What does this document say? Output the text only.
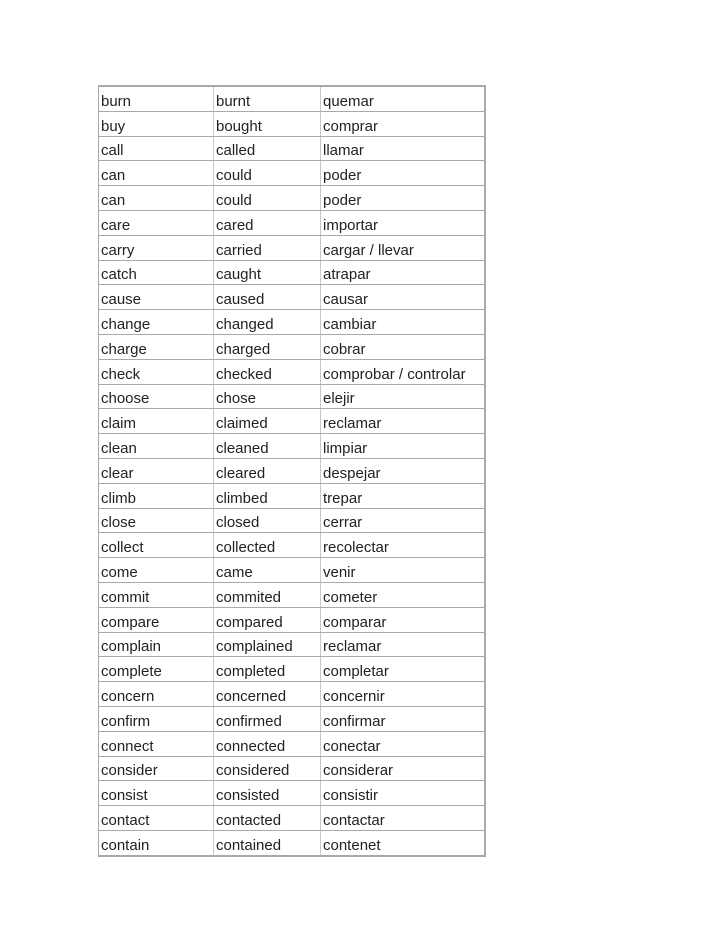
burn	burnt	quemar
buy	bought	comprar
call	called	llamar
can	could	poder
can	could	poder
care	cared	importar
carry	carried	cargar / llevar
catch	caught	atrapar
cause	caused	causar
change	changed	cambiar
charge	charged	cobrar
check	checked	comprobar / controlar
choose	chose	elejir
claim	claimed	reclamar
clean	cleaned	limpiar
clear	cleared	despejar
climb	climbed	trepar
close	closed	cerrar
collect	collected	recolectar
come	came	venir
commit	commited	cometer
compare	compared	comparar
complain	complained	reclamar
complete	completed	completar
concern	concerned	concernir
confirm	confirmed	confirmar
connect	connected	conectar
consider	considered	considerar
consist	consisted	consistir
contact	contacted	contactar
contain	contained	contenet
